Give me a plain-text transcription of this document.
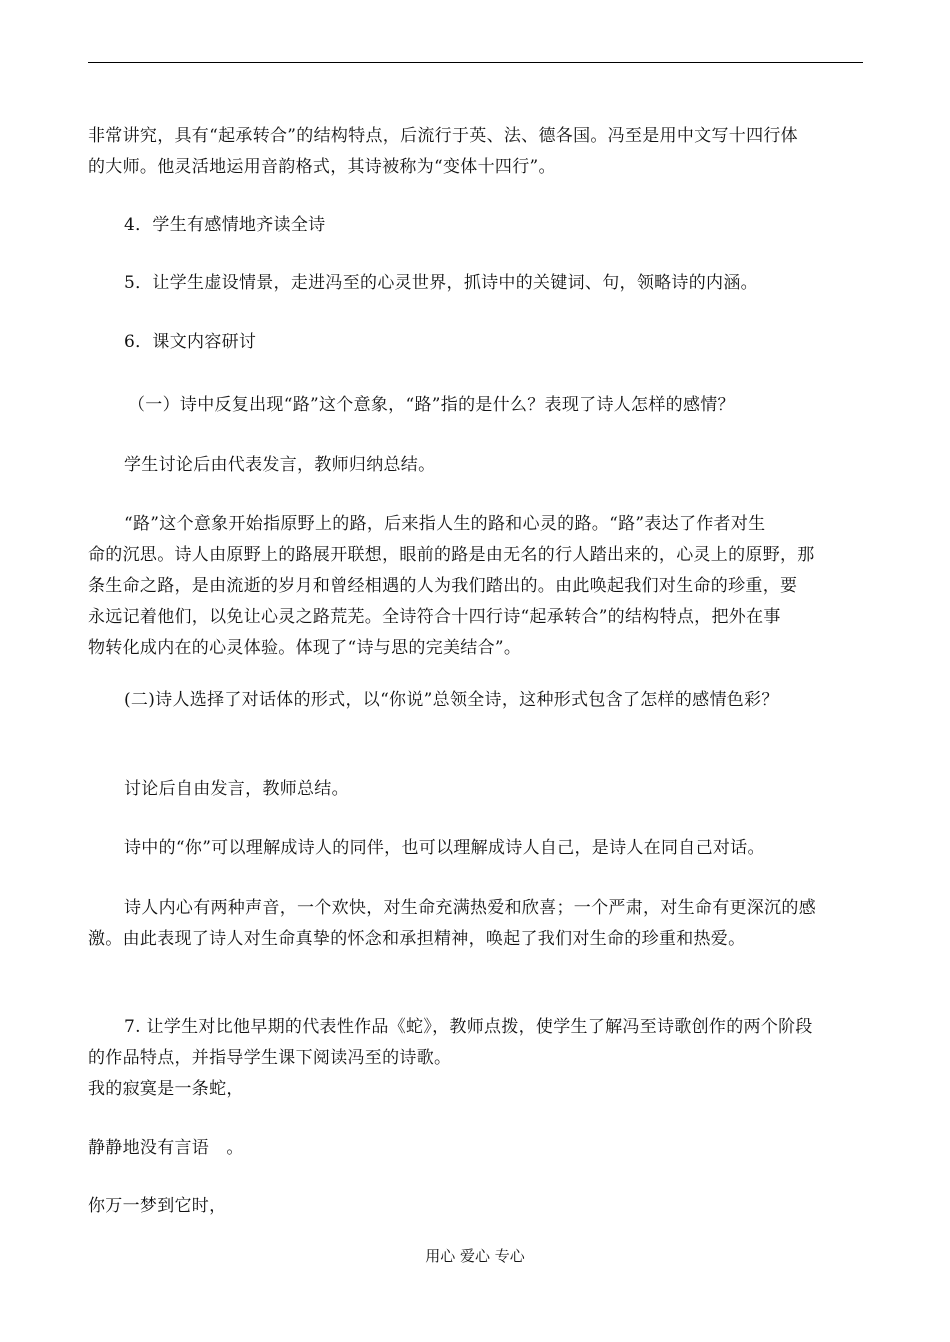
非常讲究，具有“起承转合”的结构特点，后流行于英、法、德各国。冯至是用中文写十四行体
的大师。他灵活地运用音韵格式，其诗被称为“变体十四行”。
4．学生有感情地齐读全诗
5．让学生虚设情景，走进冯至的心灵世界，抓诗中的关键词、句，领略诗的内涵。
6．课文内容研讨
（一）诗中反复出现“路”这个意象，“路”指的是什么？表现了诗人怎样的感情？
学生讨论后由代表发言，教师归纳总结。
“路”这个意象开始指原野上的路，后来指人生的路和心灵的路。“路”表达了作者对生
命的沉思。诗人由原野上的路展开联想，眼前的路是由无名的行人踏出来的，心灵上的原野，那
条生命之路，是由流逝的岁月和曾经相遇的人为我们踏出的。由此唤起我们对生命的珍重，要
永远记着他们，以免让心灵之路荒芜。全诗符合十四行诗“起承转合”的结构特点，把外在事
物转化成内在的心灵体验。体现了“诗与思的完美结合”。
(二)诗人选择了对话体的形式，以“你说”总领全诗，这种形式包含了怎样的感情色彩？
讨论后自由发言，教师总结。
诗中的“你”可以理解成诗人的同伴，也可以理解成诗人自己，是诗人在同自己对话。
诗人内心有两种声音，一个欢快，对生命充满热爱和欣喜；一个严肃，对生命有更深沉的感
激。由此表现了诗人对生命真挚的怀念和承担精神，唤起了我们对生命的珍重和热爱。
7. 让学生对比他早期的代表性作品《蛇》，教师点拨，使学生了解冯至诗歌创作的两个阶段
的作品特点，并指导学生课下阅读冯至的诗歌。
我的寂寞是一条蛇，
静静地没有言语　。
你万一梦到它时，
用心 爱心 专心
